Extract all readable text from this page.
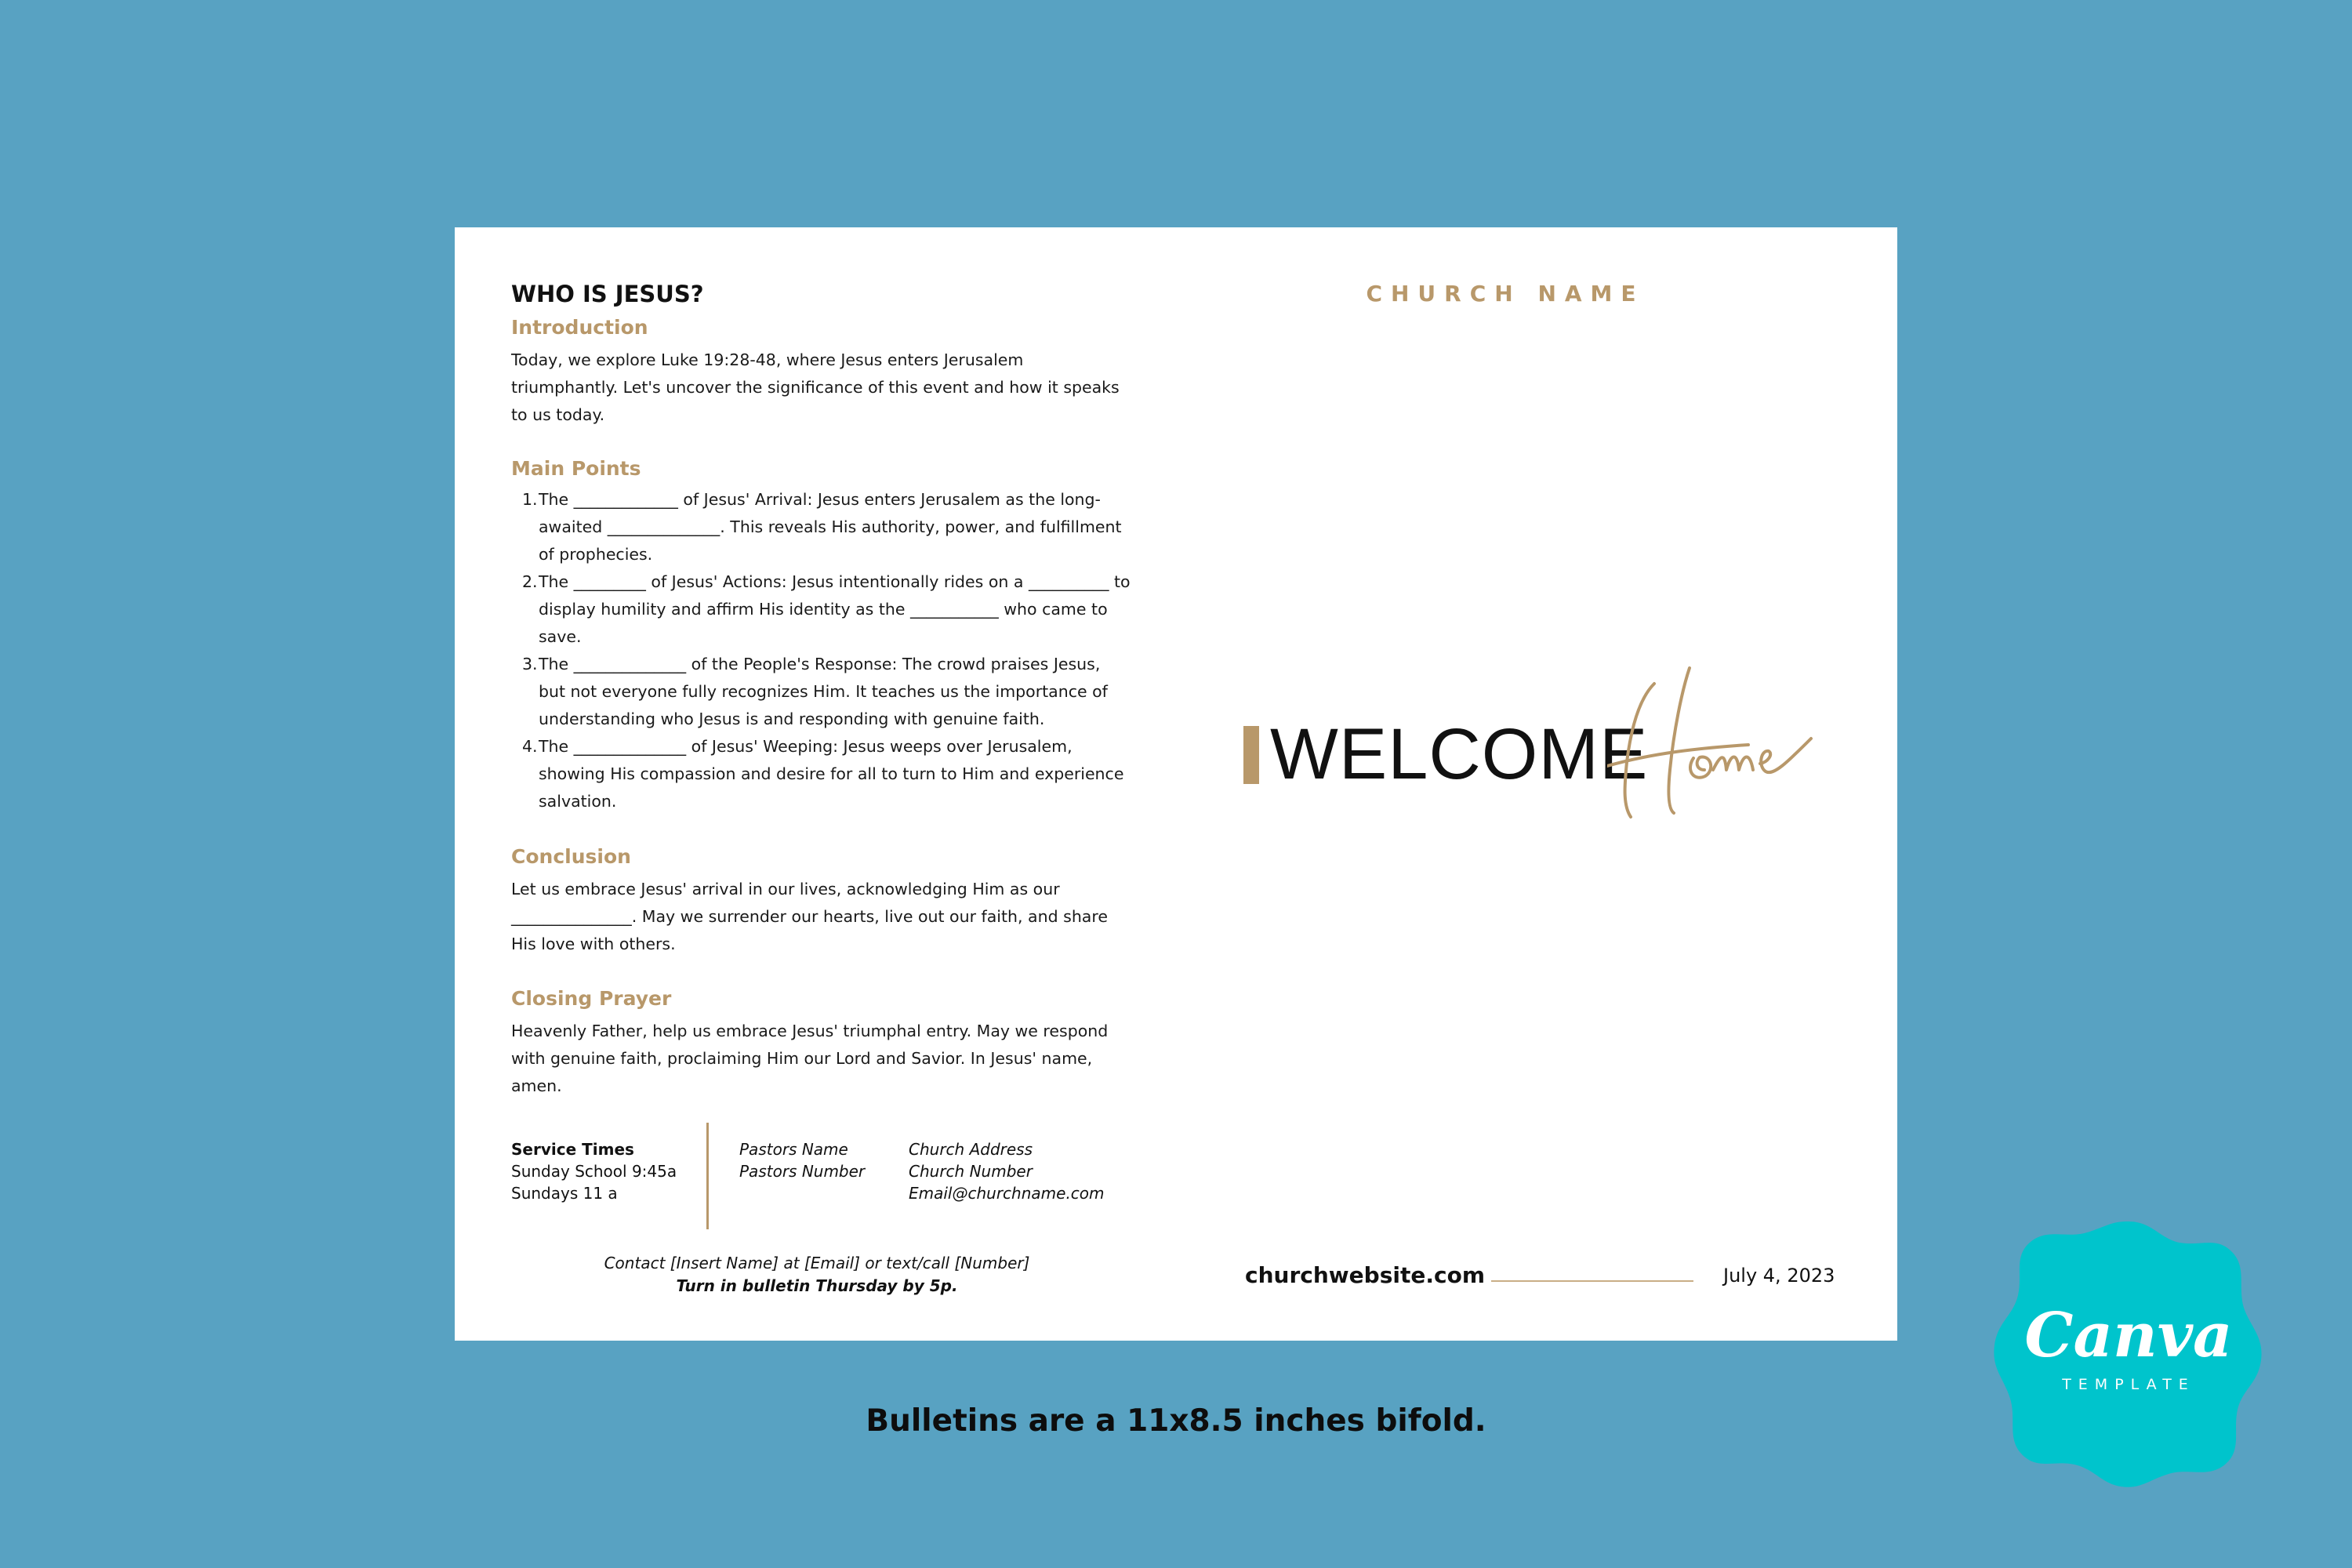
WHO IS JESUS?
Introduction
Today, we explore Luke 19:28-48, where Jesus enters Jerusalem triumphantly. Let's uncover the significance of this event and how it speaks to us today.
Main Points
1. The _____________ of Jesus' Arrival: Jesus enters Jerusalem as the long-awaited ______________. This reveals His authority, power, and fulfillment of prophecies.
2. The _________ of Jesus' Actions: Jesus intentionally rides on a __________ to display humility and affirm His identity as the ___________ who came to save.
3. The ______________ of the People's Response: The crowd praises Jesus, but not everyone fully recognizes Him. It teaches us the importance of understanding who Jesus is and responding with genuine faith.
4. The ______________ of Jesus' Weeping: Jesus weeps over Jerusalem, showing His compassion and desire for all to turn to Him and experience salvation.
Conclusion
Let us embrace Jesus' arrival in our lives, acknowledging Him as our _______________. May we surrender our hearts, live out our faith, and share His love with others.
Closing Prayer
Heavenly Father, help us embrace Jesus' triumphal entry. May we respond with genuine faith, proclaiming Him our Lord and Savior. In Jesus' name, amen.
Service Times
Sunday School 9:45a
Sundays 11 a
Pastors Name
Pastors Number
Church Address
Church Number
Email@churchname.com
Contact [Insert Name] at [Email] or text/call [Number]
Turn in bulletin Thursday by 5p.
CHURCH NAME
WELCOME
churchwebsite.com	July 4, 2023
Bulletins are a 11x8.5 inches bifold.
Canva
TEMPLATE
